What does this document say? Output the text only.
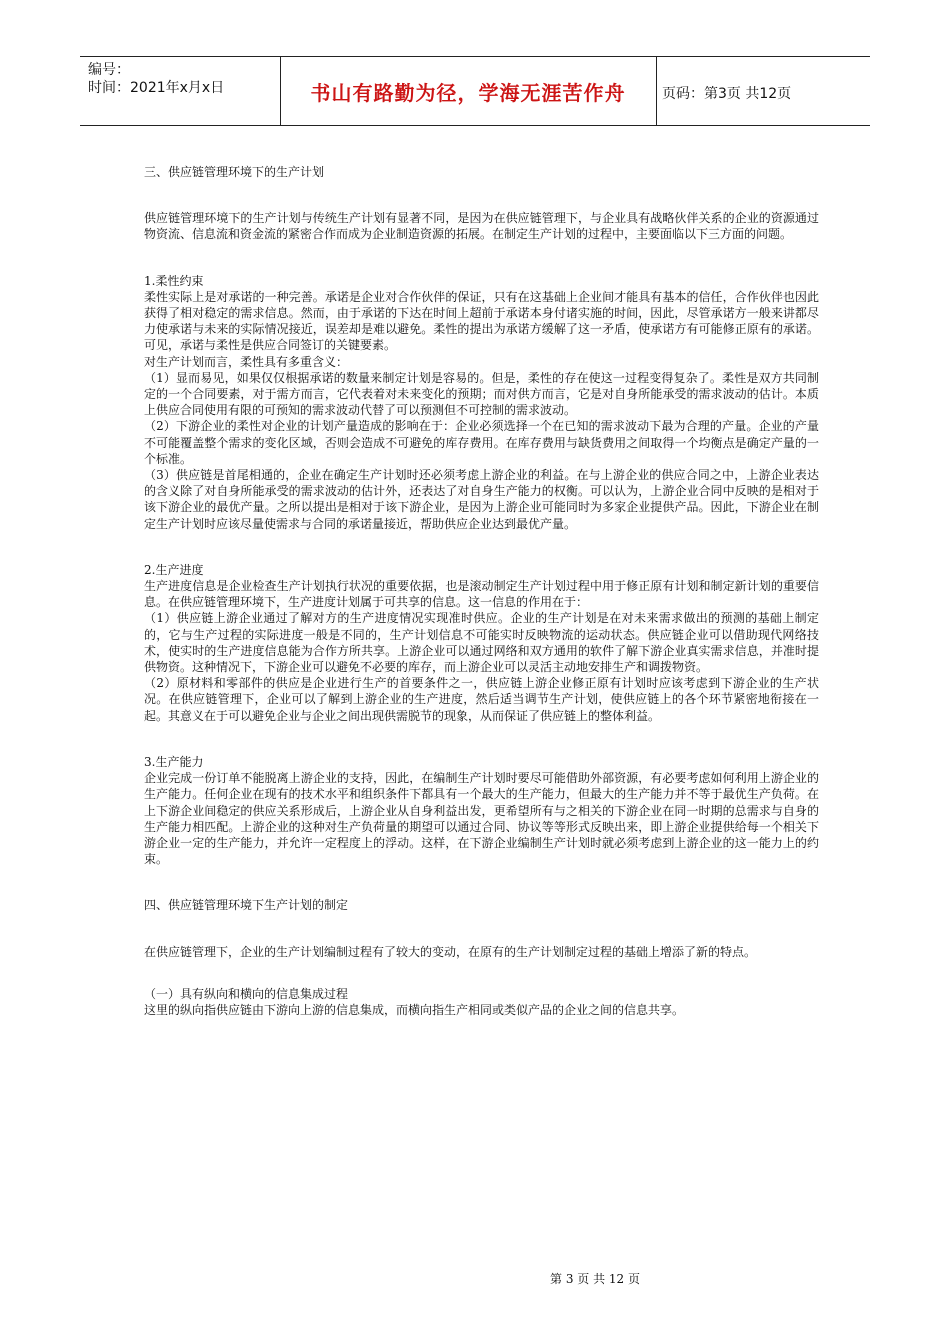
编号：
时间：2021年x月x日	书山有路勤为径，学海无涯苦作舟	页码：第3页 共12页

三、供应链管理环境下的生产计划

供应链管理环境下的生产计划与传统生产计划有显著不同，是因为在供应链管理下，与企业具有战略伙伴关系的企业的资源通过物资流、信息流和资金流的紧密合作而成为企业制造资源的拓展。在制定生产计划的过程中，主要面临以下三方面的问题。

1.柔性约束

柔性实际上是对承诺的一种完善。承诺是企业对合作伙伴的保证，只有在这基础上企业间才能具有基本的信任，合作伙伴也因此获得了相对稳定的需求信息。然而，由于承诺的下达在时间上超前于承诺本身付诸实施的时间，因此，尽管承诺方一般来讲都尽力使承诺与未来的实际情况接近，误差却是难以避免。柔性的提出为承诺方缓解了这一矛盾，使承诺方有可能修正原有的承诺。可见，承诺与柔性是供应合同签订的关键要素。

对生产计划而言，柔性具有多重含义：

（1）显而易见，如果仅仅根据承诺的数量来制定计划是容易的。但是，柔性的存在使这一过程变得复杂了。柔性是双方共同制定的一个合同要素，对于需方而言，它代表着对未来变化的预期；而对供方而言，它是对自身所能承受的需求波动的估计。本质上供应合同使用有限的可预知的需求波动代替了可以预测但不可控制的需求波动。

（2）下游企业的柔性对企业的计划产量造成的影响在于：企业必须选择一个在已知的需求波动下最为合理的产量。企业的产量不可能覆盖整个需求的变化区域，否则会造成不可避免的库存费用。在库存费用与缺货费用之间取得一个均衡点是确定产量的一个标准。

（3）供应链是首尾相通的，企业在确定生产计划时还必须考虑上游企业的利益。在与上游企业的供应合同之中，上游企业表达的含义除了对自身所能承受的需求波动的估计外，还表达了对自身生产能力的权衡。可以认为，上游企业合同中反映的是相对于该下游企业的最优产量。之所以提出是相对于该下游企业，是因为上游企业可能同时为多家企业提供产品。因此，下游企业在制定生产计划时应该尽量使需求与合同的承诺量接近，帮助供应企业达到最优产量。

2.生产进度

生产进度信息是企业检查生产计划执行状况的重要依据，也是滚动制定生产计划过程中用于修正原有计划和制定新计划的重要信息。在供应链管理环境下，生产进度计划属于可共享的信息。这一信息的作用在于：

（1）供应链上游企业通过了解对方的生产进度情况实现准时供应。企业的生产计划是在对未来需求做出的预测的基础上制定的，它与生产过程的实际进度一般是不同的，生产计划信息不可能实时反映物流的运动状态。供应链企业可以借助现代网络技术，使实时的生产进度信息能为合作方所共享。上游企业可以通过网络和双方通用的软件了解下游企业真实需求信息，并准时提供物资。这种情况下，下游企业可以避免不必要的库存，而上游企业可以灵活主动地安排生产和调拨物资。

（2）原材料和零部件的供应是企业进行生产的首要条件之一，供应链上游企业修正原有计划时应该考虑到下游企业的生产状况。在供应链管理下，企业可以了解到上游企业的生产进度，然后适当调节生产计划，使供应链上的各个环节紧密地衔接在一起。其意义在于可以避免企业与企业之间出现供需脱节的现象，从而保证了供应链上的整体利益。

3.生产能力

企业完成一份订单不能脱离上游企业的支持，因此，在编制生产计划时要尽可能借助外部资源，有必要考虑如何利用上游企业的生产能力。任何企业在现有的技术水平和组织条件下都具有一个最大的生产能力，但最大的生产能力并不等于最优生产负荷。在上下游企业间稳定的供应关系形成后，上游企业从自身利益出发，更希望所有与之相关的下游企业在同一时期的总需求与自身的生产能力相匹配。上游企业的这种对生产负荷量的期望可以通过合同、协议等等形式反映出来，即上游企业提供给每一个相关下游企业一定的生产能力，并允许一定程度上的浮动。这样，在下游企业编制生产计划时就必须考虑到上游企业的这一能力上的约束。

四、供应链管理环境下生产计划的制定

在供应链管理下，企业的生产计划编制过程有了较大的变动，在原有的生产计划制定过程的基础上增添了新的特点。

（一）具有纵向和横向的信息集成过程

这里的纵向指供应链由下游向上游的信息集成，而横向指生产相同或类似产品的企业之间的信息共享。

第 3 页 共 12 页
